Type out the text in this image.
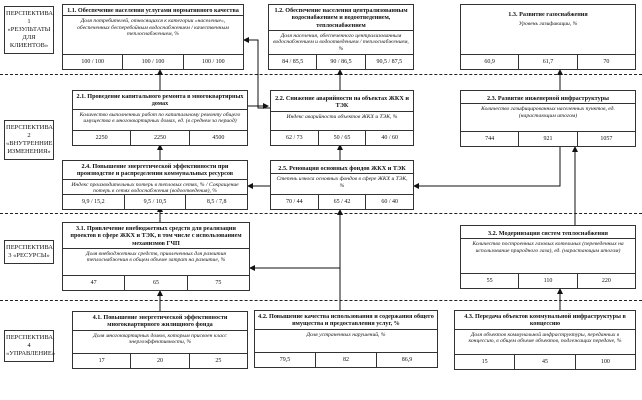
ПЕРСПЕКТИВА 1 «РЕЗУЛЬТАТЫ ДЛЯ КЛИЕНТОВ»
ПЕРСПЕКТИВА 2 «ВНУТРЕННИЕ ИЗМЕНЕНИЯ»
ПЕРСПЕКТИВА 3 «РЕСУРСЫ»
ПЕРСПЕКТИВА 4 «УПРАВЛЕНИЕ»
1.1. Обеспечение населения услугами нормативного качества
Доля потребителей, относящихся к категории «население», обеспеченных бесперебойным водоснабжением / качественным теплоснабжением, %
100 / 100	100 / 100	100 / 100
1.2. Обеспечение населения централизованным водоснабжением и водоотведением, теплоснабжением
Доля населения, обеспеченного централизованным водоснабжением и водоотведением / теплоснабжением, %
84 / 85,5	90 / 86,5	90,5 / 87,5
1.3. Развитие газоснабжения
Уровень газификации, %
60,9	61,7	70
2.1. Проведение капитального ремонта в многоквартирных домах
Количество выполненных работ по капитальному ремонту общего имущества в многоквартирных домах, ед. (в среднем за период)
2250	2250	4500
2.2. Снижение аварийности на объектах ЖКХ и ТЭК
Индекс аварийности объектов ЖКХ и ТЭК, %
62 / 73	50 / 65	40 / 60
2.3. Развитие инженерной инфраструктуры
Количество газифицированных населенных пунктов, ед. (нарастающим итогом)
744	921	1057
2.4. Повышение энергетической эффективности при производстве и распределении коммунальных ресурсов
Индекс производительных потерь в тепловых сетях, % / Сокращение потерь в сетях водоснабжения (водоотведения), %
9,9 / 15,2	9,5 / 10,5	8,5 / 7,8
2.5. Реновация основных фондов ЖКХ и ТЭК
Степень износа основных фондов в сфере ЖКХ и ТЭК, %
70 / 44	65 / 42	60 / 40
3.1. Привлечение внебюджетных средств для реализации проектов в сфере ЖКХ и ТЭК, в том числе с использованием механизмов ГЧП
Доля внебюджетных средств, привлеченных для развития теплоснабжения в общем объеме затрат на развитие, %
47	65	75
3.2. Модернизация систем теплоснабжения
Количество построенных газовых котельных (переведенных на использование природного газа), ед. (нарастающим итогом)
55	110	220
4.1. Повышение энергетической эффективности многоквартирного жилищного фонда
Доля многоквартирных домов, которым присвоен класс энергоэффективности, %
17	20	25
4.2. Повышение качества использования и содержания общего имущества и предоставления услуг, %
Доля устраненных нарушений, %
79,5	82	86,9
4.3. Передача объектов коммунальной инфраструктуры в концессию
Доля объектов коммунальной инфраструктуры, переданных в концессию, в общем объеме объектов, подлежащих передаче, %
15	45	100
